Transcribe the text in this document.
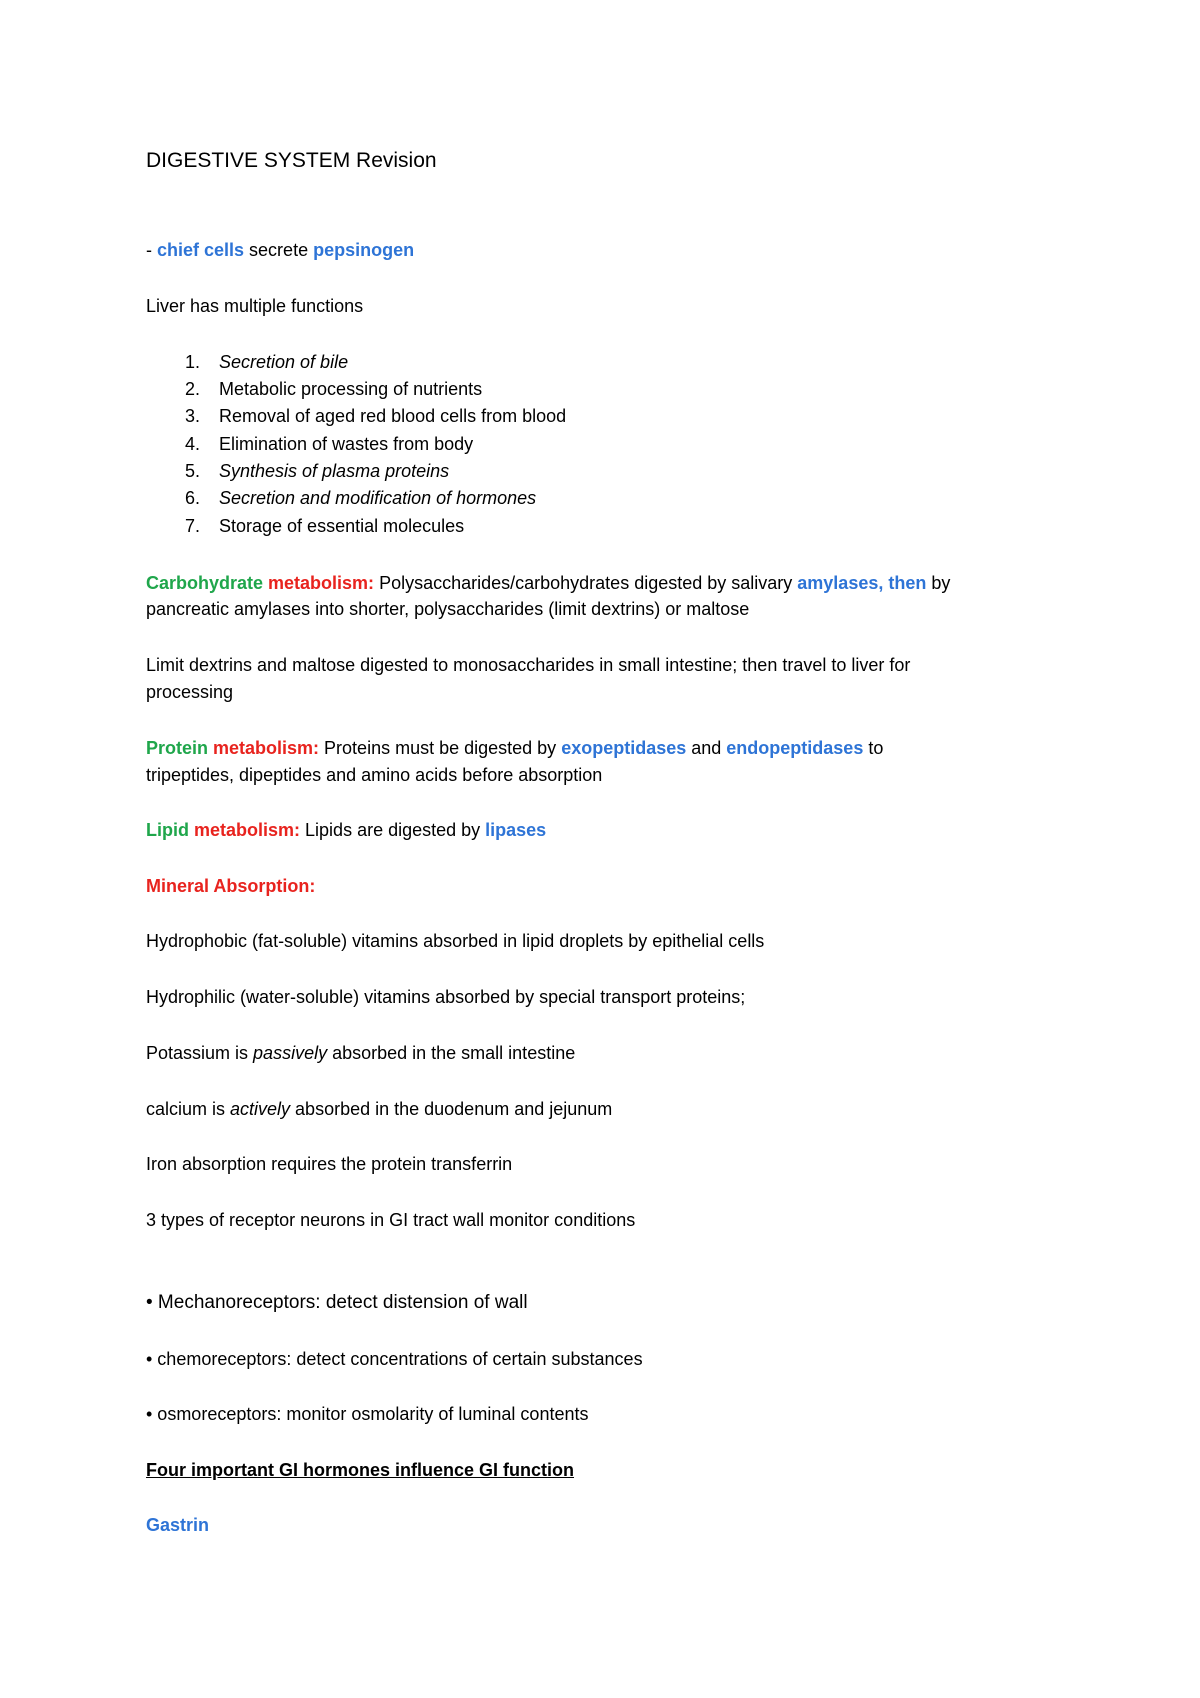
DIGESTIVE SYSTEM Revision
- chief cells secrete pepsinogen
Liver has multiple functions
1. Secretion of bile
2. Metabolic processing of nutrients
3. Removal of aged red blood cells from blood
4. Elimination of wastes from body
5. Synthesis of plasma proteins
6. Secretion and modification of hormones
7. Storage of essential molecules
Carbohydrate metabolism: Polysaccharides/carbohydrates digested by salivary amylases, then by
pancreatic amylases into shorter, polysaccharides (limit dextrins) or maltose
Limit dextrins and maltose digested to monosaccharides in small intestine; then travel to liver for
processing
Protein metabolism: Proteins must be digested by exopeptidases and endopeptidases to
tripeptides, dipeptides and amino acids before absorption
Lipid metabolism: Lipids are digested by lipases
Mineral Absorption:
Hydrophobic (fat-soluble) vitamins absorbed in lipid droplets by epithelial cells
Hydrophilic (water-soluble) vitamins absorbed by special transport proteins;
Potassium is passively absorbed in the small intestine
calcium is actively absorbed in the duodenum and jejunum
Iron absorption requires the protein transferrin
3 types of receptor neurons in GI tract wall monitor conditions
• Mechanoreceptors: detect distension of wall
• chemoreceptors: detect concentrations of certain substances
• osmoreceptors: monitor osmolarity of luminal contents
Four important GI hormones influence GI function
Gastrin
